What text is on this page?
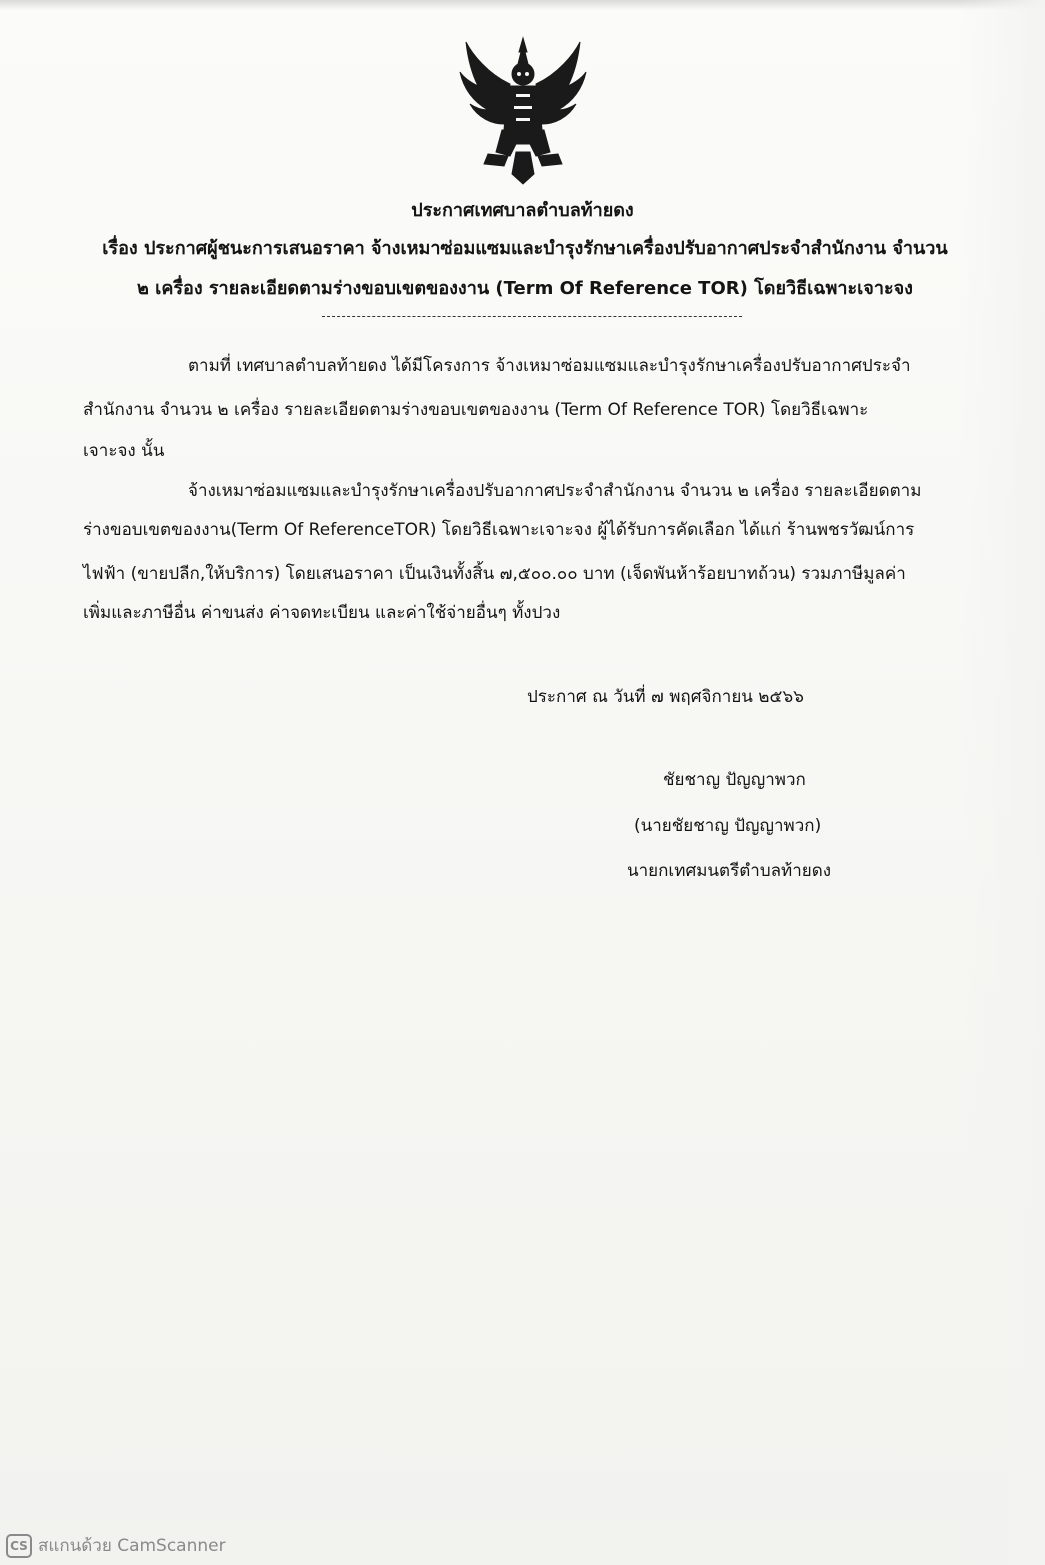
ประกาศเทศบาลตำบลท้ายดง
เรื่อง ประกาศผู้ชนะการเสนอราคา จ้างเหมาซ่อมแซมและบำรุงรักษาเครื่องปรับอากาศประจำสำนักงาน จำนวน
๒ เครื่อง รายละเอียดตามร่างขอบเขตของงาน (Term Of Reference TOR) โดยวิธีเฉพาะเจาะจง
ตามที่ เทศบาลตำบลท้ายดง ได้มีโครงการ จ้างเหมาซ่อมแซมและบำรุงรักษาเครื่องปรับอากาศประจำ
สำนักงาน จำนวน ๒ เครื่อง รายละเอียดตามร่างขอบเขตของงาน (Term Of Reference TOR) โดยวิธีเฉพาะ
เจาะจง นั้น
จ้างเหมาซ่อมแซมและบำรุงรักษาเครื่องปรับอากาศประจำสำนักงาน จำนวน ๒ เครื่อง รายละเอียดตาม
ร่างขอบเขตของงาน(Term Of ReferenceTOR) โดยวิธีเฉพาะเจาะจง ผู้ได้รับการคัดเลือก ได้แก่ ร้านพชรวัฒน์การ
ไฟฟ้า (ขายปลีก,ให้บริการ) โดยเสนอราคา เป็นเงินทั้งสิ้น ๗,๕๐๐.๐๐ บาท (เจ็ดพันห้าร้อยบาทถ้วน) รวมภาษีมูลค่า
เพิ่มและภาษีอื่น ค่าขนส่ง ค่าจดทะเบียน และค่าใช้จ่ายอื่นๆ ทั้งปวง
ประกาศ ณ วันที่ ๗ พฤศจิกายน ๒๕๖๖
ชัยชาญ ปัญญาพวก
(นายชัยชาญ ปัญญาพวก)
นายกเทศมนตรีตำบลท้ายดง
CS สแกนด้วย CamScanner
